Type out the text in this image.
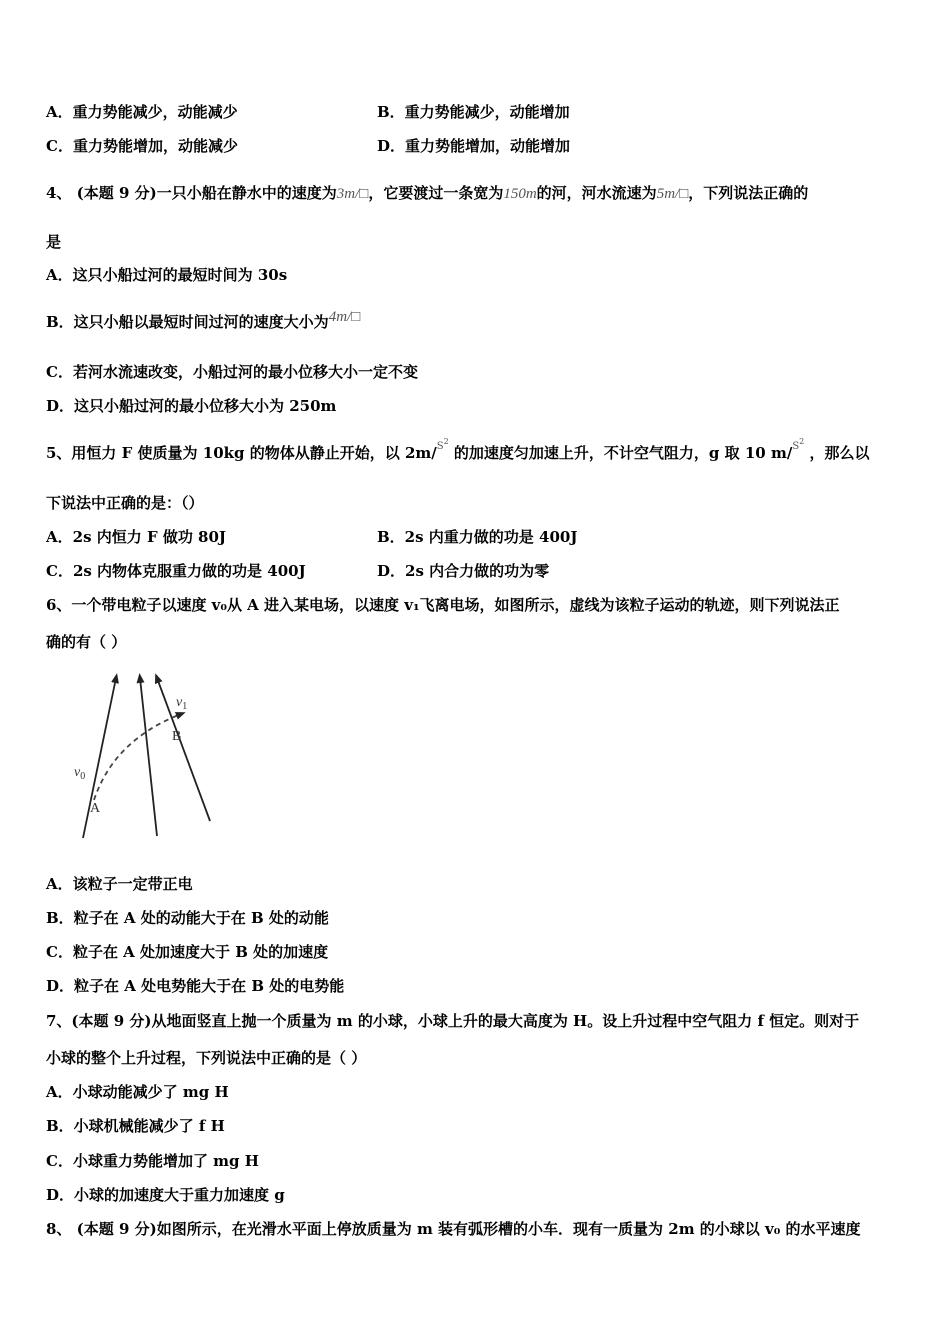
A．重力势能减少，动能减少	B．重力势能减少，动能增加
C．重力势能增加，动能减少	D．重力势能增加，动能增加
4、 (本题 9 分)一只小船在静水中的速度为3m/□，它要渡过一条宽为150m的河，河水流速为5m/□，下列说法正确的
是
A．这只小船过河的最短时间为 30s
B．这只小船以最短时间过河的速度大小为4m/□
C．若河水流速改变，小船过河的最小位移大小一定不变
D．这只小船过河的最小位移大小为 250m
5、用恒力 F 使质量为 10kg 的物体从静止开始，以 2m/$^{S2}$ 的加速度匀加速上升，不计空气阻力，g 取 10 m/$^{S2}$ ，那么以
下说法中正确的是：（）
A．2s 内恒力 F 做功 80J	B．2s 内重力做的功是 400J
C．2s 内物体克服重力做的功是 400J	D．2s 内合力做的功为零
6、一个带电粒子以速度 v₀从 A 进入某电场，以速度 v₁飞离电场，如图所示，虚线为该粒子运动的轨迹，则下列说法正
确的有（ ）
$v_1$
B
$v_0$
A
A．该粒子一定带正电
B．粒子在 A 处的动能大于在 B 处的动能
C．粒子在 A 处加速度大于 B 处的加速度
D．粒子在 A 处电势能大于在 B 处的电势能
7、(本题 9 分)从地面竖直上抛一个质量为 m 的小球，小球上升的最大高度为 H。设上升过程中空气阻力 f 恒定。则对于
小球的整个上升过程，下列说法中正确的是（ ）
A．小球动能减少了 mg H
B．小球机械能减少了 f H
C．小球重力势能增加了 mg H
D．小球的加速度大于重力加速度 g
8、 (本题 9 分)如图所示，在光滑水平面上停放质量为 m 装有弧形槽的小车．现有一质量为 2m 的小球以 v₀ 的水平速度
